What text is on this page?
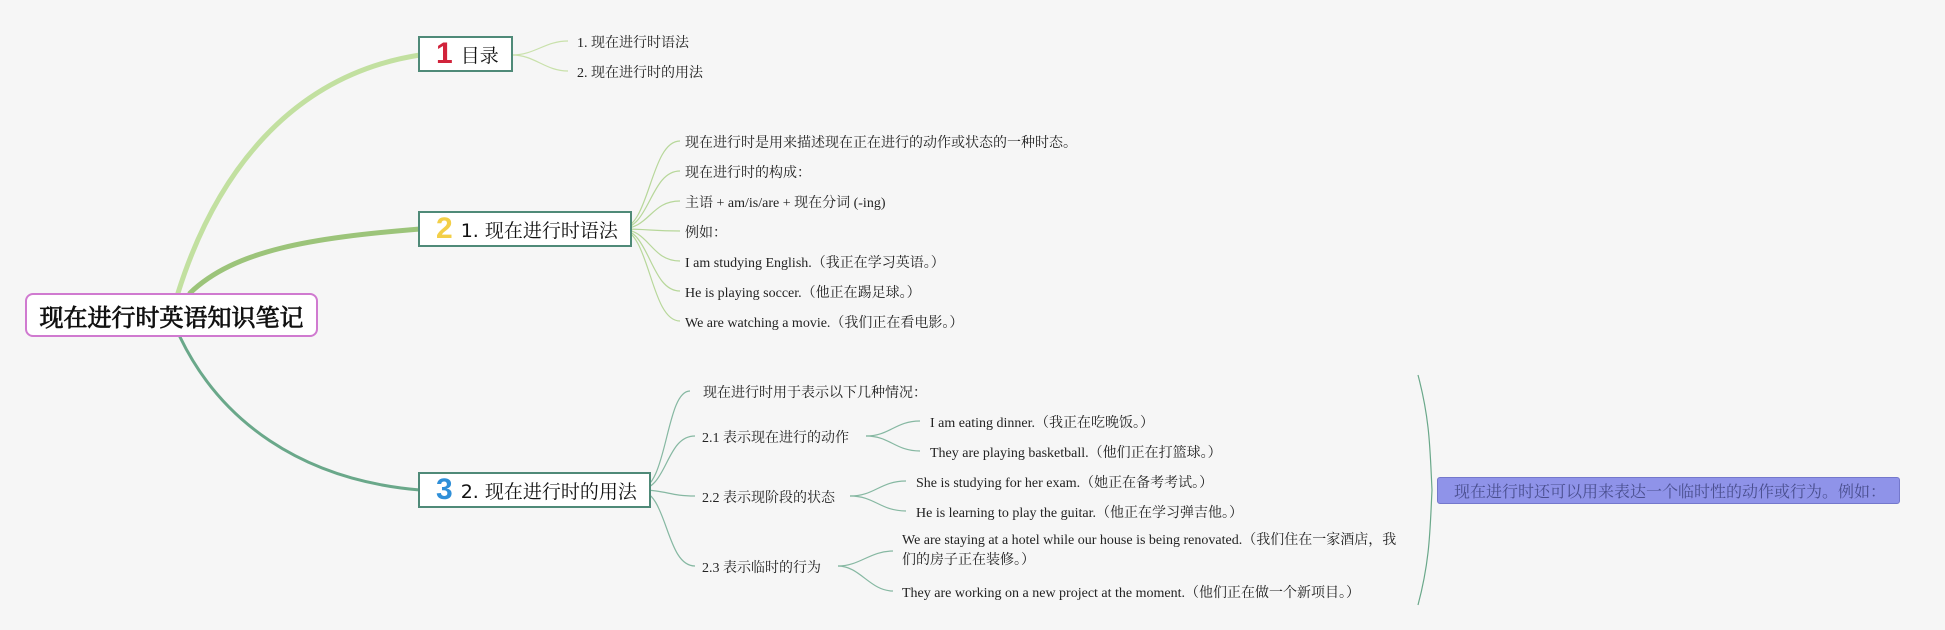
现在进行时英语知识笔记
1 目录
1. 现在进行时语法
2. 现在进行时的用法
2 1. 现在进行时语法
现在进行时是用来描述现在正在进行的动作或状态的一种时态。
现在进行时的构成：
主语 + am/is/are + 现在分词 (-ing)
例如：
I am studying English.（我正在学习英语。）
He is playing soccer.（他正在踢足球。）
We are watching a movie.（我们正在看电影。）
3 2. 现在进行时的用法
现在进行时用于表示以下几种情况：
2.1 表示现在进行的动作
I am eating dinner.（我正在吃晚饭。）
They are playing basketball.（他们正在打篮球。）
2.2 表示现阶段的状态
She is studying for her exam.（她正在备考考试。）
He is learning to play the guitar.（他正在学习弹吉他。）
2.3 表示临时的行为
We are staying at a hotel while our house is being renovated.（我们住在一家酒店，我们的房子正在装修。）
They are working on a new project at the moment.（他们正在做一个新项目。）
现在进行时还可以用来表达一个临时性的动作或行为。例如：
